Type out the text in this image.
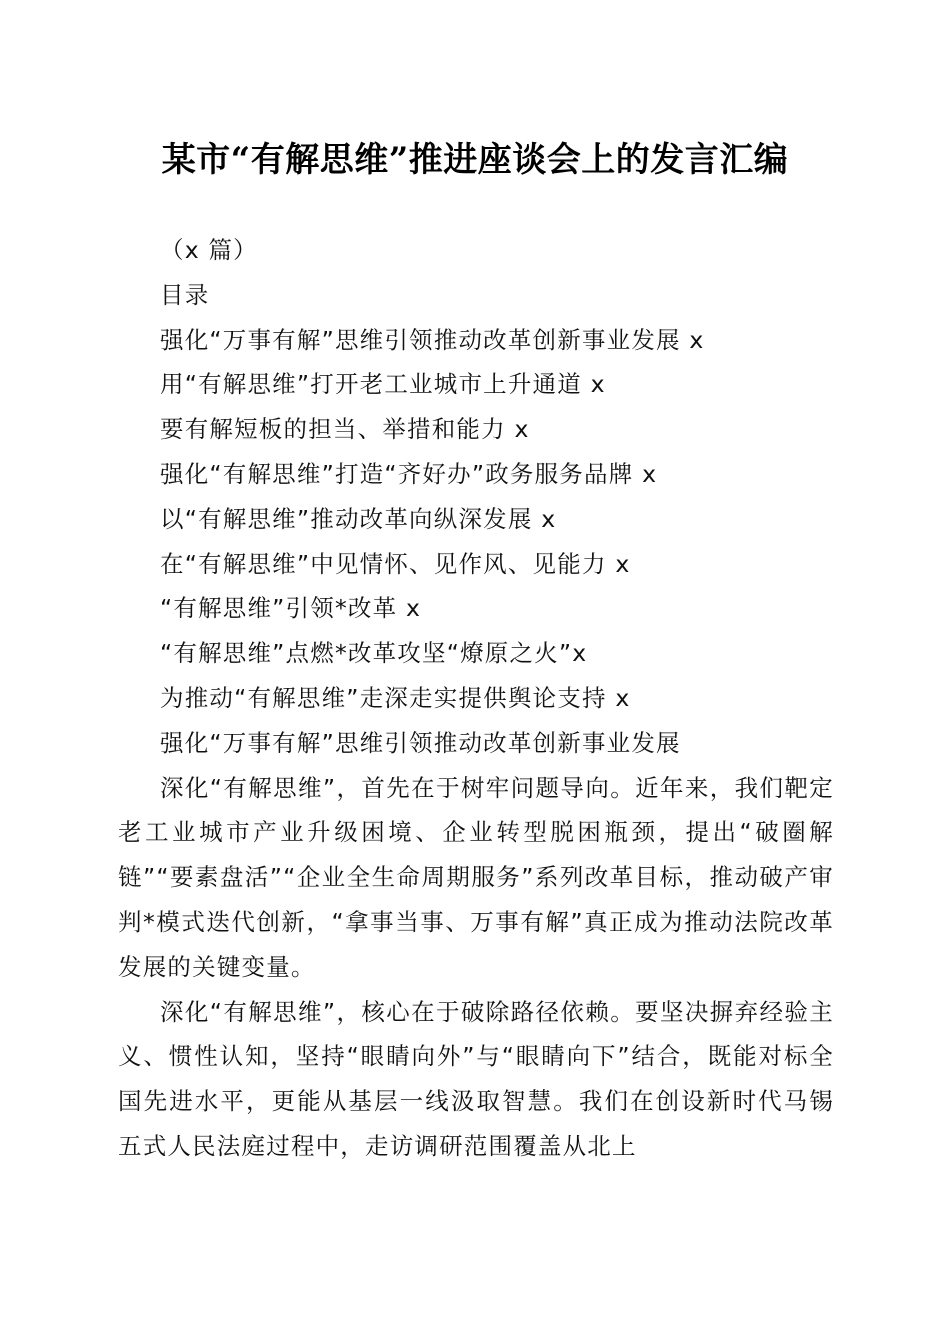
某市“有解思维”推进座谈会上的发言汇编
（x 篇）
目录
强化“万事有解”思维引领推动改革创新事业发展 x
用“有解思维”打开老工业城市上升通道 x
要有解短板的担当、举措和能力 x
强化“有解思维”打造“齐好办”政务服务品牌 x
以“有解思维”推动改革向纵深发展 x
在“有解思维”中见情怀、见作风、见能力 x
“有解思维”引领*改革 x
“有解思维”点燃*改革攻坚“燎原之火”x
为推动“有解思维”走深走实提供舆论支持 x
强化“万事有解”思维引领推动改革创新事业发展

深化“有解思维”，首先在于树牢问题导向。近年来，我们靶定老工业城市产业升级困境、企业转型脱困瓶颈，提出“破圈解链”“要素盘活”“企业全生命周期服务”系列改革目标，推动破产审判*模式迭代创新，“拿事当事、万事有解”真正成为推动法院改革发展的关键变量。

深化“有解思维”，核心在于破除路径依赖。要坚决摒弃经验主义、惯性认知，坚持“眼睛向外”与“眼睛向下”结合，既能对标全国先进水平，更能从基层一线汲取智慧。我们在创设新时代马锡五式人民法庭过程中，走访调研范围覆盖从北上
